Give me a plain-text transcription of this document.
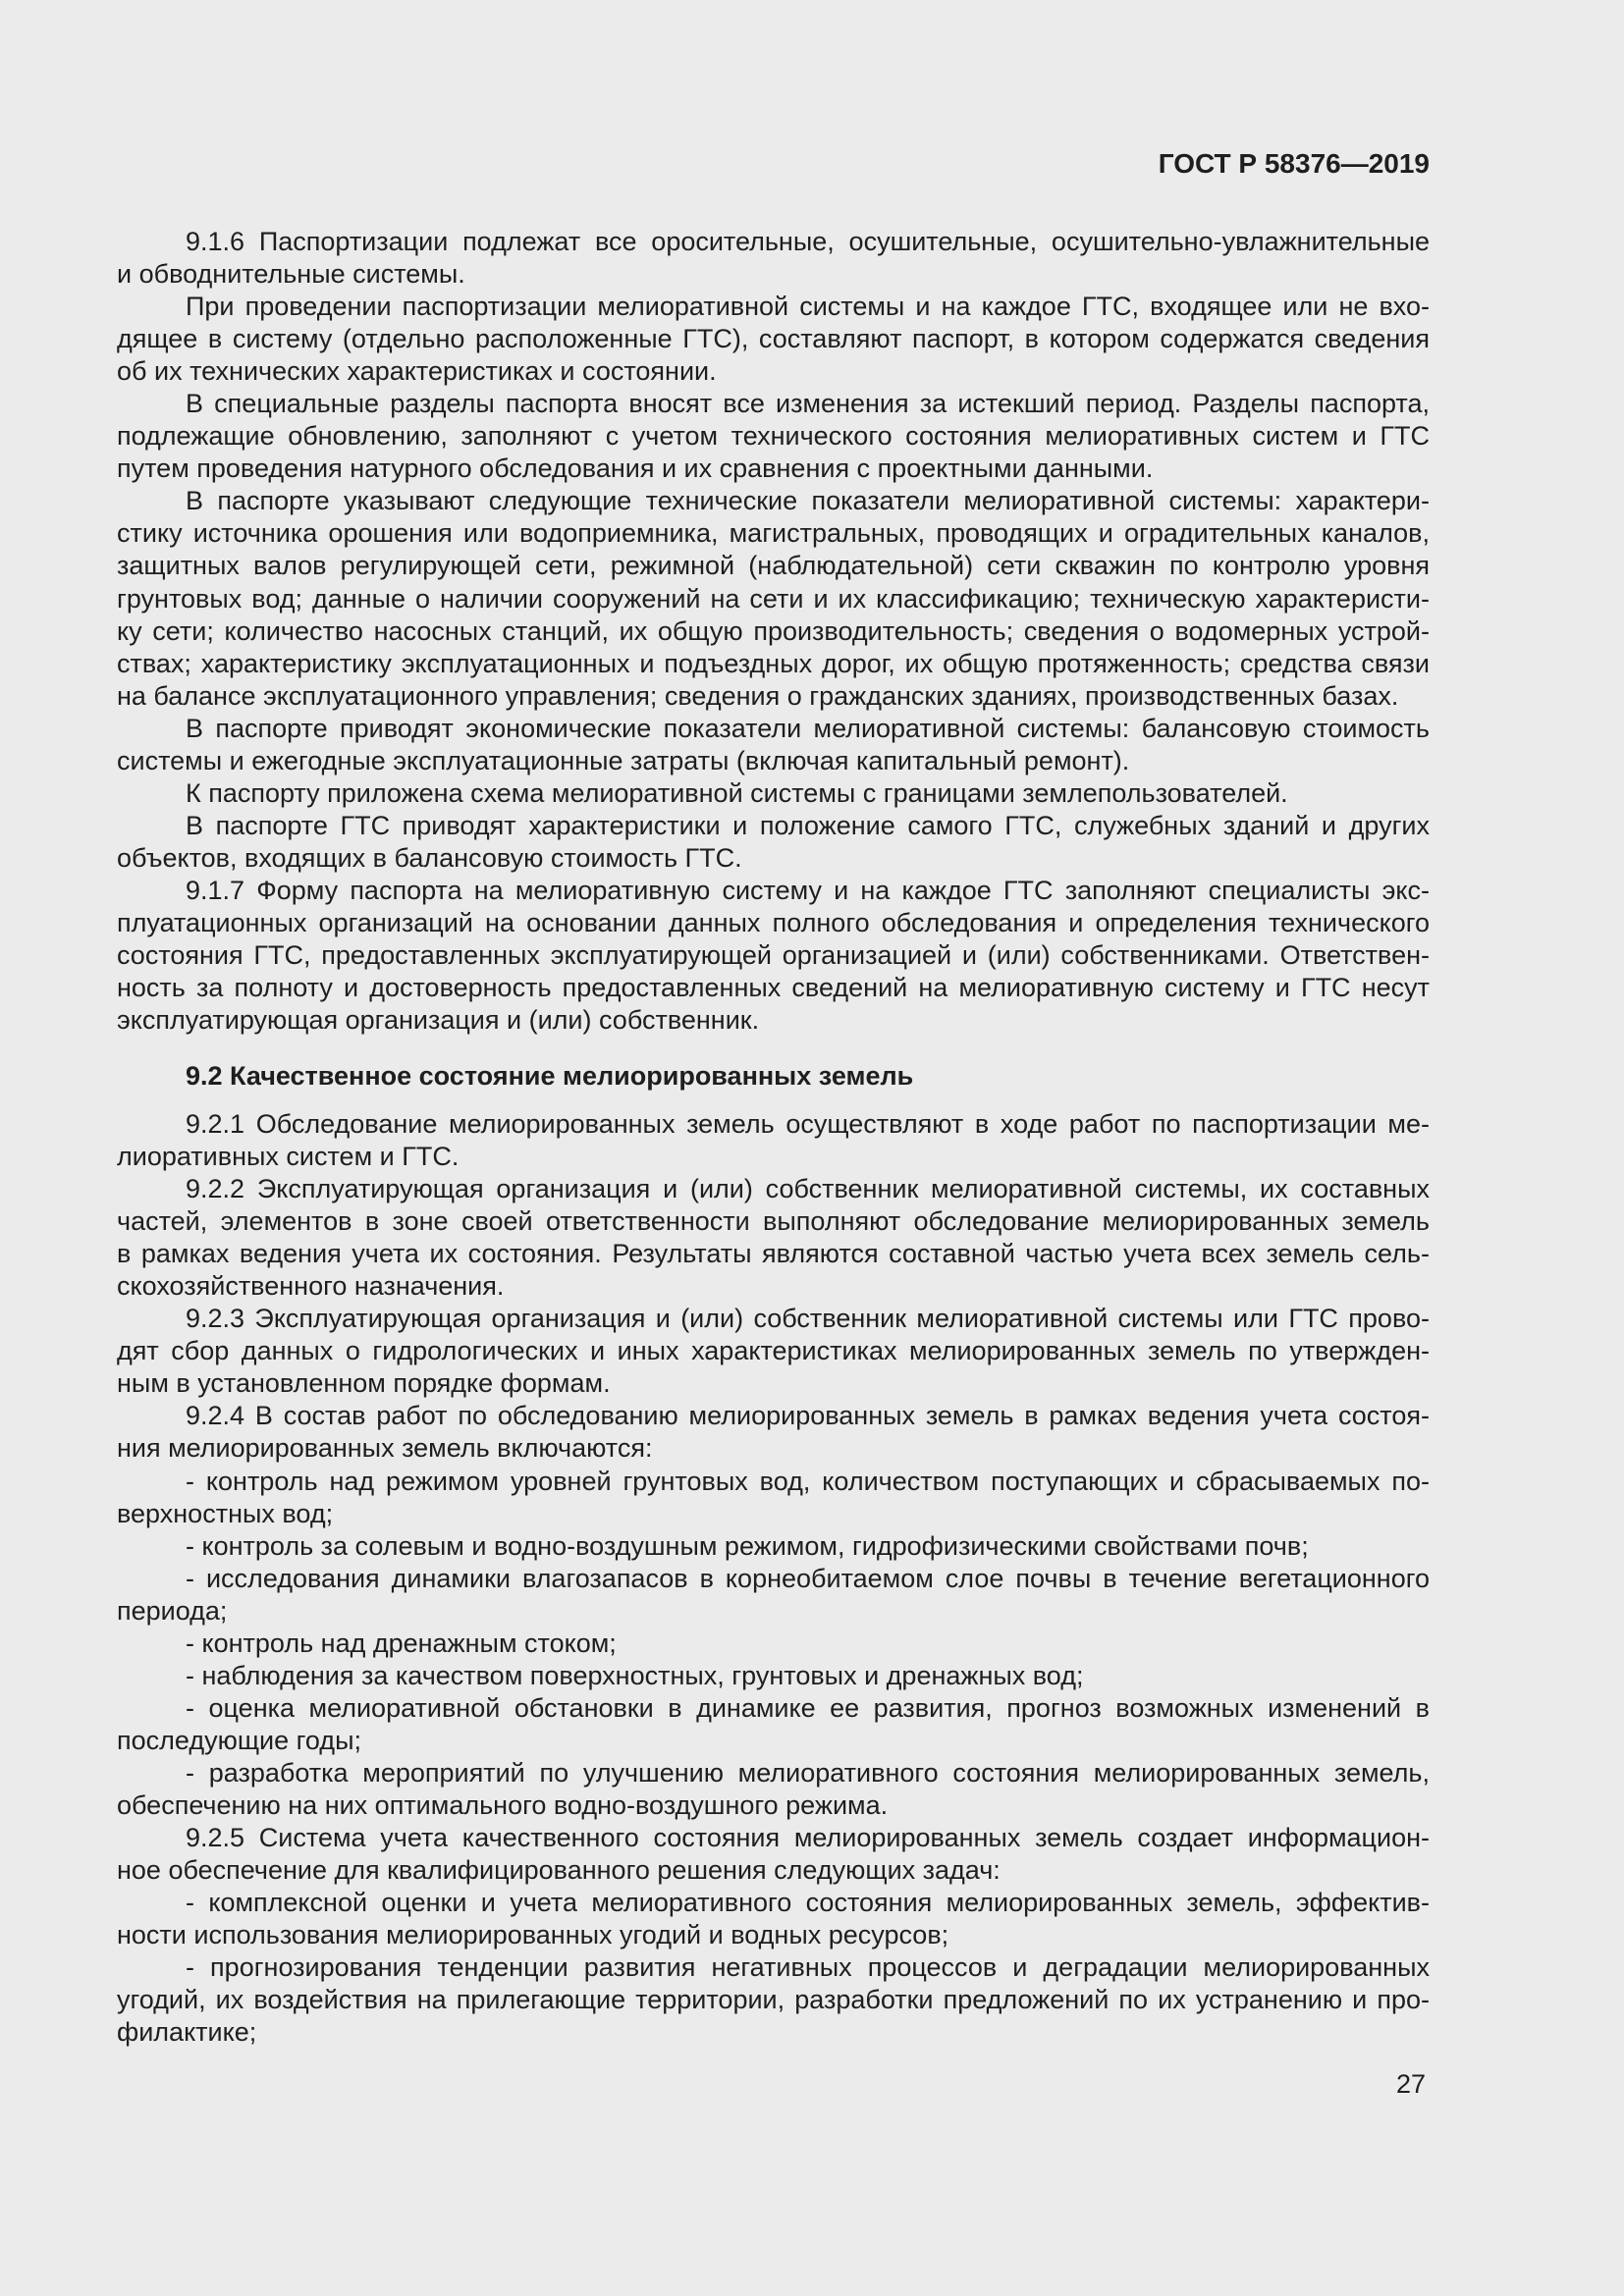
ГОСТ Р 58376—2019
9.1.6 Паспортизации подлежат все оросительные, осушительные, осушительно-увлажнительные
и обводнительные системы.
При проведении паспортизации мелиоративной системы и на каждое ГТС, входящее или не вхо-
дящее в систему (отдельно расположенные ГТС), составляют паспорт, в котором содержатся сведения
об их технических характеристиках и состоянии.
В специальные разделы паспорта вносят все изменения за истекший период. Разделы паспорта,
подлежащие обновлению, заполняют с учетом технического состояния мелиоративных систем и ГТС
путем проведения натурного обследования и их сравнения с проектными данными.
В паспорте указывают следующие технические показатели мелиоративной системы: характери-
стику источника орошения или водоприемника, магистральных, проводящих и оградительных каналов,
защитных валов регулирующей сети, режимной (наблюдательной) сети скважин по контролю уровня
грунтовых вод; данные о наличии сооружений на сети и их классификацию; техническую характеристи-
ку сети; количество насосных станций, их общую производительность; сведения о водомерных устрой-
ствах; характеристику эксплуатационных и подъездных дорог, их общую протяженность; средства связи
на балансе эксплуатационного управления; сведения о гражданских зданиях, производственных базах.
В паспорте приводят экономические показатели мелиоративной системы: балансовую стоимость
системы и ежегодные эксплуатационные затраты (включая капитальный ремонт).
К паспорту приложена схема мелиоративной системы с границами землепользователей.
В паспорте ГТС приводят характеристики и положение самого ГТС, служебных зданий и других
объектов, входящих в балансовую стоимость ГТС.
9.1.7 Форму паспорта на мелиоративную систему и на каждое ГТС заполняют специалисты экс-
плуатационных организаций на основании данных полного обследования и определения технического
состояния ГТС, предоставленных эксплуатирующей организацией и (или) собственниками. Ответствен-
ность за полноту и достоверность предоставленных сведений на мелиоративную систему и ГТС несут
эксплуатирующая организация и (или) собственник.
9.2 Качественное состояние мелиорированных земель
9.2.1 Обследование мелиорированных земель осуществляют в ходе работ по паспортизации ме-
лиоративных систем и ГТС.
9.2.2 Эксплуатирующая организация и (или) собственник мелиоративной системы, их составных
частей, элементов в зоне своей ответственности выполняют обследование мелиорированных земель
в рамках ведения учета их состояния. Результаты являются составной частью учета всех земель сель-
скохозяйственного назначения.
9.2.3 Эксплуатирующая организация и (или) собственник мелиоративной системы или ГТС прово-
дят сбор данных о гидрологических и иных характеристиках мелиорированных земель по утвержден-
ным в установленном порядке формам.
9.2.4 В состав работ по обследованию мелиорированных земель в рамках ведения учета состоя-
ния мелиорированных земель включаются:
- контроль над режимом уровней грунтовых вод, количеством поступающих и сбрасываемых по-
верхностных вод;
- контроль за солевым и водно-воздушным режимом, гидрофизическими свойствами почв;
- исследования динамики влагозапасов в корнеобитаемом слое почвы в течение вегетационного
периода;
- контроль над дренажным стоком;
- наблюдения за качеством поверхностных, грунтовых и дренажных вод;
- оценка мелиоративной обстановки в динамике ее развития, прогноз возможных изменений в
последующие годы;
- разработка мероприятий по улучшению мелиоративного состояния мелиорированных земель,
обеспечению на них оптимального водно-воздушного режима.
9.2.5 Система учета качественного состояния мелиорированных земель создает информацион-
ное обеспечение для квалифицированного решения следующих задач:
- комплексной оценки и учета мелиоративного состояния мелиорированных земель, эффектив-
ности использования мелиорированных угодий и водных ресурсов;
- прогнозирования тенденции развития негативных процессов и деградации мелиорированных
угодий, их воздействия на прилегающие территории, разработки предложений по их устранению и про-
филактике;
27
